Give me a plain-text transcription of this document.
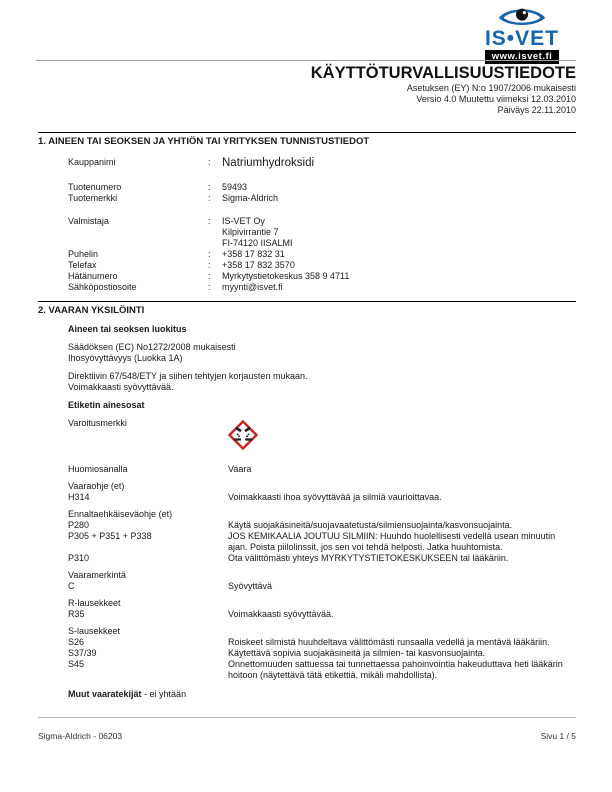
IS•VET
www.isvet.fi
KÄYTTÖTURVALLISUUSTIEDOTE
Asetuksen (EY) N:o 1907/2006 mukaisesti
Versio 4.0 Muutettu viimeksi 12.03.2010
Päiväys 22.11.2010
1. AINEEN TAI SEOKSEN JA YHTIÖN TAI YRITYKSEN TUNNISTUSTIEDOT
Kauppanimi	: Natriumhydroksidi
Tuotenumero	:	59493
Tuotemerkki	:	Sigma-Aldrich
Valmistaja	:	IS-VET Oy
Kilpivirrantie 7
FI-74120 IISALMI
Puhelin	:	+358 17 832 31
Telefax	:	+358 17 832 3570
Hätänumero	:	Myrkytystietokeskus 358 9 4711
Sähköpostiosoite	:	myynti@isvet.fi
2. VAARAN YKSILÖINTI
Aineen tai seoksen luokitus
Säädöksen (EC) No1272/2008 mukaisesti
Ihosyövyttävyys (Luokka 1A)
Direktiivin 67/548/ETY ja siihen tehtyjen korjausten mukaan.
Voimakkaasti syövyttävää.
Etiketin ainesosat
Varoitusmerkki
Huomiosanalla	Vaara
Vaaraohje (et)
H314	Voimakkaasti ihoa syövyttävää ja silmiä vaurioittavaa.
Ennaltaehkäiseväohje (et)
P280	Käytä suojakäsineitä/suojavaatetusta/silmiensuojainta/kasvonsuojainta.
P305 + P351 + P338	JOS KEMIKAALIA JOUTUU SILMIIN: Huuhdo huolellisesti vedellä usean minuutin ajan. Poista piilolinssit, jos sen voi tehdä helposti. Jatka huuhtomista.
P310	Ota välittömästi yhteys MYRKYTYSTIETOKESKUKSEEN tai lääkäriin.
Vaaramerkintä
C	Syövyttävä
R-lausekkeet
R35	Voimakkaasti syövyttävää.
S-lausekkeet
S26	Roiskeet silmistä huuhdeltava välittömästi runsaalla vedellä ja mentävä lääkäriin.
S37/39	Käytettävä sopivia suojakäsineitä ja silmien- tai kasvonsuojainta.
S45	Onnettomuuden sattuessa tai tunnettaessa pahoinvointia hakeuduttava heti lääkärin hoitoon (näytettävä tätä etikettiä, mikäli mahdollista).
Muut vaaratekijät - ei yhtään
Sigma-Aldrich - 06203	Sivu 1 / 5
